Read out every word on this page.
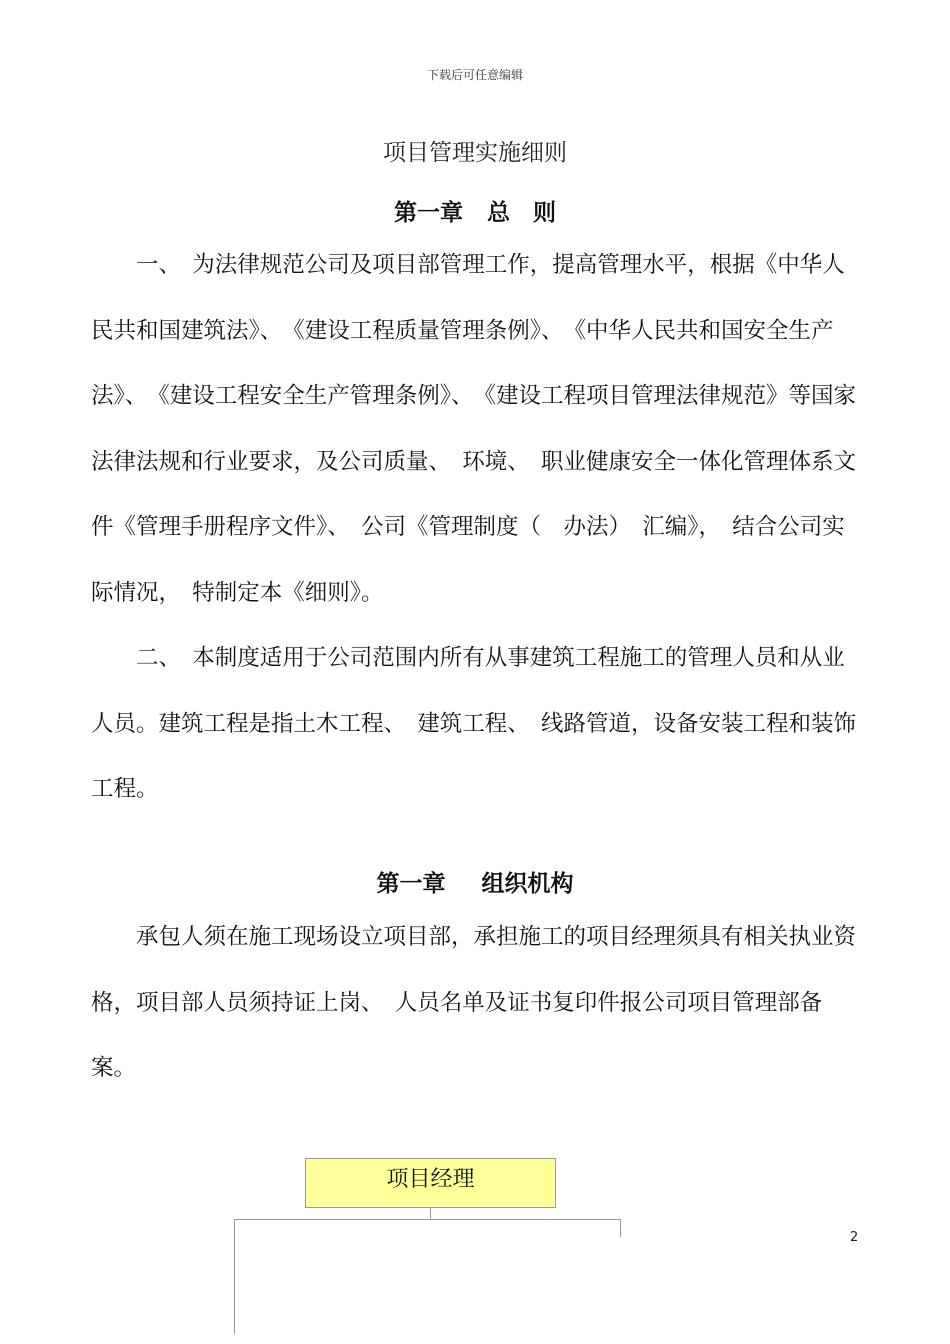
下载后可任意编辑
项目管理实施细则
第一章 总　则

一、　为法律规范公司及项目部管理工作，提高管理水平，根据《中华人民共和国建筑法》、　《建设工程质量管理条例》、　《中华人民共和国安全生产法》、　《建设工程安全生产管理条例》、　《建设工程项目管理法律规范》等国家法律法规和行业要求，及公司质量、　环境、　职业健康安全一体化管理体系文件《管理手册程序文件》、　公司《管理制度（　办法）　汇编》，　结合公司实际情况，　特制定本《细则》。

二、　本制度适用于公司范围内所有从事建筑工程施工的管理人员和从业人员。建筑工程是指土木工程、　建筑工程、　线路管道，设备安装工程和装饰工程。

第一章 组织机构

承包人须在施工现场设立项目部，承担施工的项目经理须具有相关执业资格，项目部人员须持证上岗、　人员名单及证书复印件报公司项目管理部备案。

项目经理
2
